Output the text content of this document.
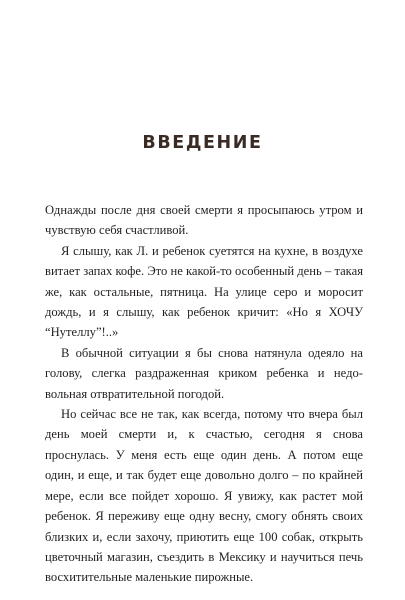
ВВЕДЕНИЕ

Однажды после дня своей смерти я просыпаюсь утром и чувствую себя счастливой.

Я слышу, как Л. и ребенок суетятся на кухне, в воздухе витает запах кофе. Это не какой-то особенный день – такая же, как остальные, пятница. На улице серо и моросит дождь, и я слышу, как ребенок кричит: «Но я ХОЧУ “Нутеллу”!..»

В обычной ситуации я бы снова натянула одеяло на голову, слегка раздраженная криком ребенка и недовольная отвратительной погодой.

Но сейчас все не так, как всегда, потому что вчера был день моей смерти и, к счастью, сегодня я снова проснулась. У меня есть еще один день. А потом еще один, и еще, и так будет еще довольно долго – по крайней мере, если все пойдет хорошо. Я увижу, как растет мой ребенок. Я переживу еще одну весну, смогу обнять своих близких и, если захочу, приютить еще 100 собак, открыть цветочный магазин, съездить в Мексику и научиться печь восхитительные маленькие пирожные.
